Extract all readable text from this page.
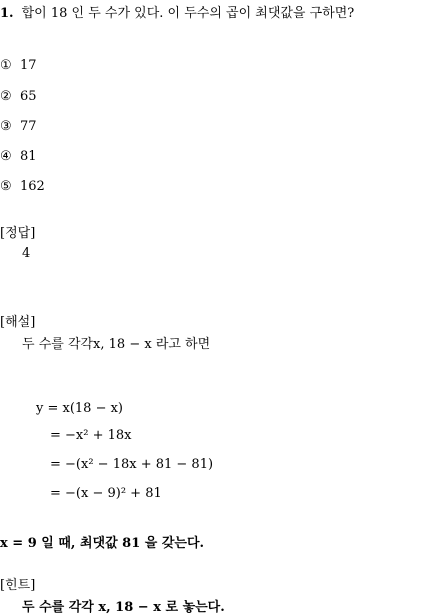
1. 합이 18 인 두 수가 있다. 이 두수의 곱이 최댓값을 구하면?
① 17
② 65
③ 77
④ 81
⑤ 162
[정답]
4
[해설]
두 수를 각각x, 18 − x 라고 하면
y = x(18 − x)
= −x² + 18x
= −(x² − 18x + 81 − 81)
= −(x − 9)² + 81
x = 9 일 때, 최댓값 81 을 갖는다.
[힌트]
두 수를 각각 x, 18 − x 로 놓는다.
